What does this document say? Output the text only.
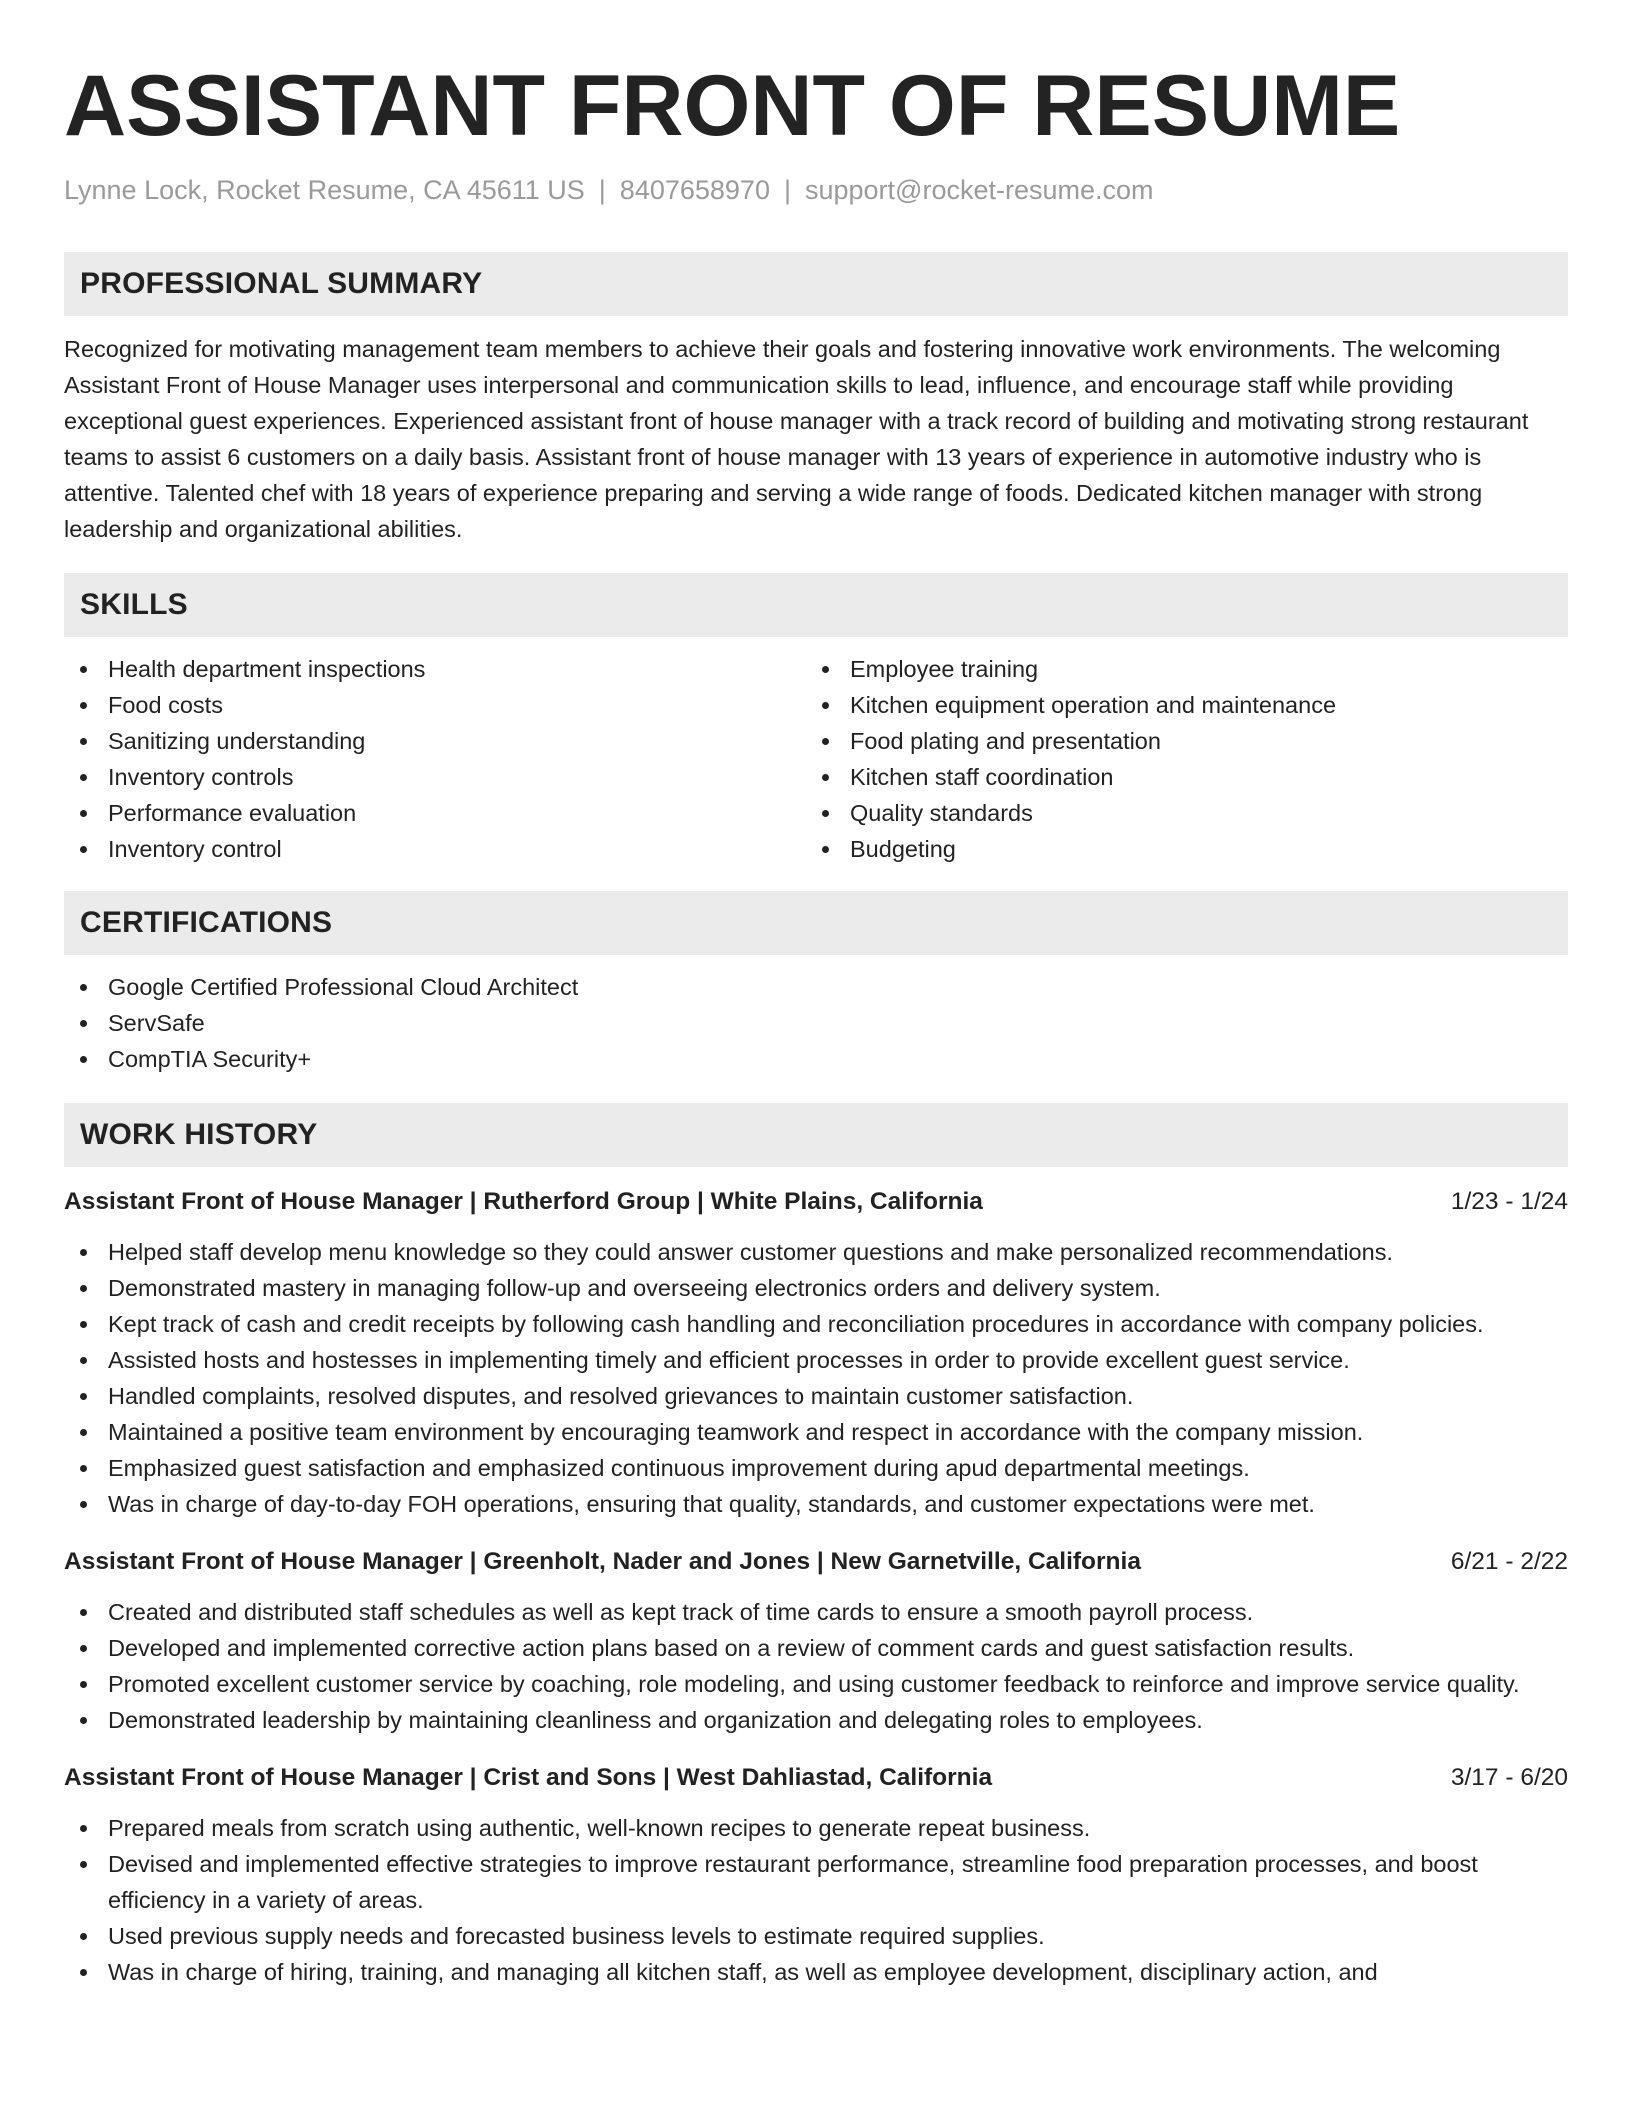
ASSISTANT FRONT OF RESUME
Lynne Lock, Rocket Resume, CA 45611 US | 8407658970 | support@rocket-resume.com
PROFESSIONAL SUMMARY

Recognized for motivating management team members to achieve their goals and fostering innovative work environments. The welcoming Assistant Front of House Manager uses interpersonal and communication skills to lead, influence, and encourage staff while providing exceptional guest experiences. Experienced assistant front of house manager with a track record of building and motivating strong restaurant teams to assist 6 customers on a daily basis. Assistant front of house manager with 13 years of experience in automotive industry who is attentive. Talented chef with 18 years of experience preparing and serving a wide range of foods. Dedicated kitchen manager with strong leadership and organizational abilities.

SKILLS
Health department inspections
Food costs
Sanitizing understanding
Inventory controls
Performance evaluation
Inventory control
Employee training
Kitchen equipment operation and maintenance
Food plating and presentation
Kitchen staff coordination
Quality standards
Budgeting
CERTIFICATIONS
Google Certified Professional Cloud Architect
ServSafe
CompTIA Security+
WORK HISTORY
Assistant Front of House Manager | Rutherford Group | White Plains, California	1/23 - 1/24
Helped staff develop menu knowledge so they could answer customer questions and make personalized recommendations.
Demonstrated mastery in managing follow-up and overseeing electronics orders and delivery system.
Kept track of cash and credit receipts by following cash handling and reconciliation procedures in accordance with company policies.
Assisted hosts and hostesses in implementing timely and efficient processes in order to provide excellent guest service.
Handled complaints, resolved disputes, and resolved grievances to maintain customer satisfaction.
Maintained a positive team environment by encouraging teamwork and respect in accordance with the company mission.
Emphasized guest satisfaction and emphasized continuous improvement during apud departmental meetings.
Was in charge of day-to-day FOH operations, ensuring that quality, standards, and customer expectations were met.
Assistant Front of House Manager | Greenholt, Nader and Jones | New Garnetville, California	6/21 - 2/22
Created and distributed staff schedules as well as kept track of time cards to ensure a smooth payroll process.
Developed and implemented corrective action plans based on a review of comment cards and guest satisfaction results.
Promoted excellent customer service by coaching, role modeling, and using customer feedback to reinforce and improve service quality.
Demonstrated leadership by maintaining cleanliness and organization and delegating roles to employees.
Assistant Front of House Manager | Crist and Sons | West Dahliastad, California	3/17 - 6/20
Prepared meals from scratch using authentic, well-known recipes to generate repeat business.
Devised and implemented effective strategies to improve restaurant performance, streamline food preparation processes, and boost efficiency in a variety of areas.
Used previous supply needs and forecasted business levels to estimate required supplies.
Was in charge of hiring, training, and managing all kitchen staff, as well as employee development, disciplinary action, and
